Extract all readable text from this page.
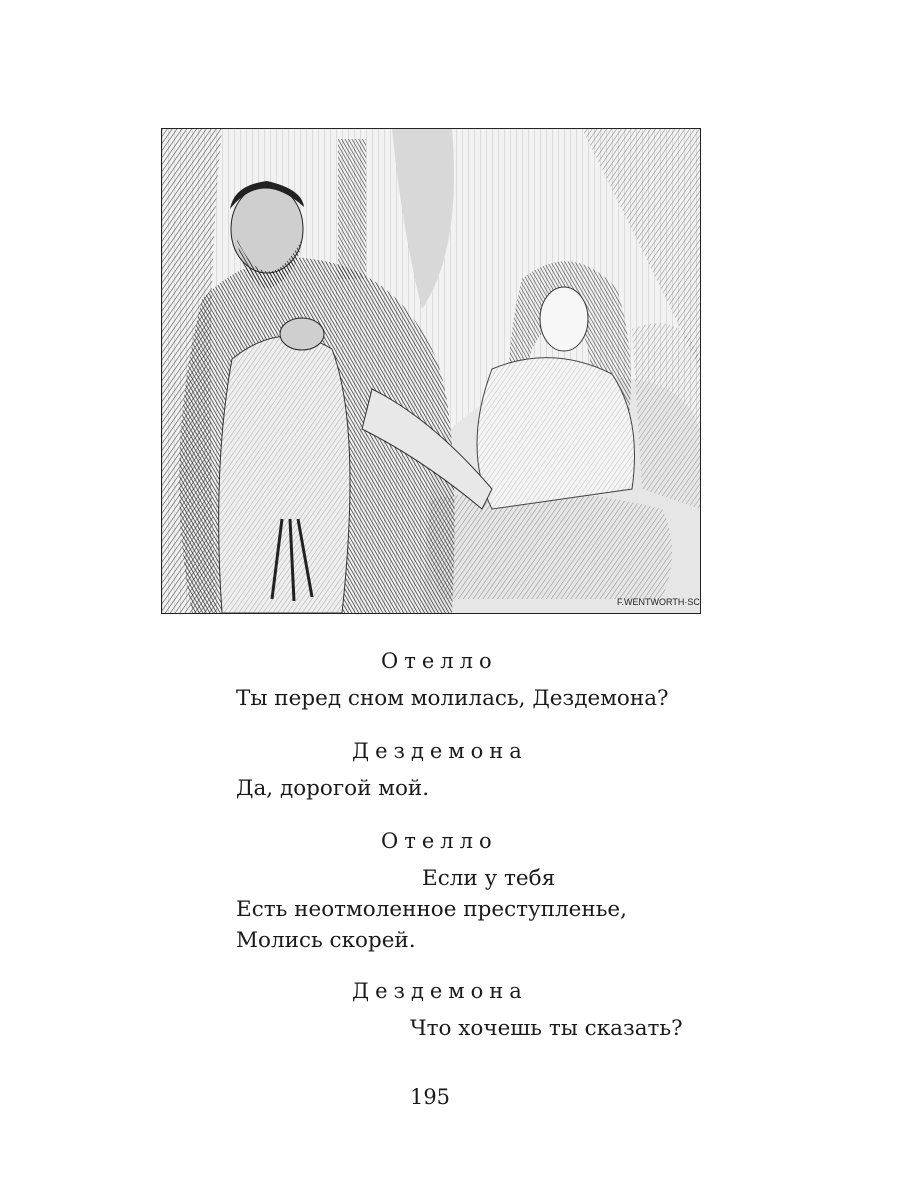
F.WENTWORTH·SC
Отелло
Ты перед сном молилась, Дездемона?
Дездемона
Да, дорогой мой.
Отелло
Если у тебя
Есть неотмоленное преступленье,
Молись скорей.
Дездемона
Что хочешь ты сказать?
195
